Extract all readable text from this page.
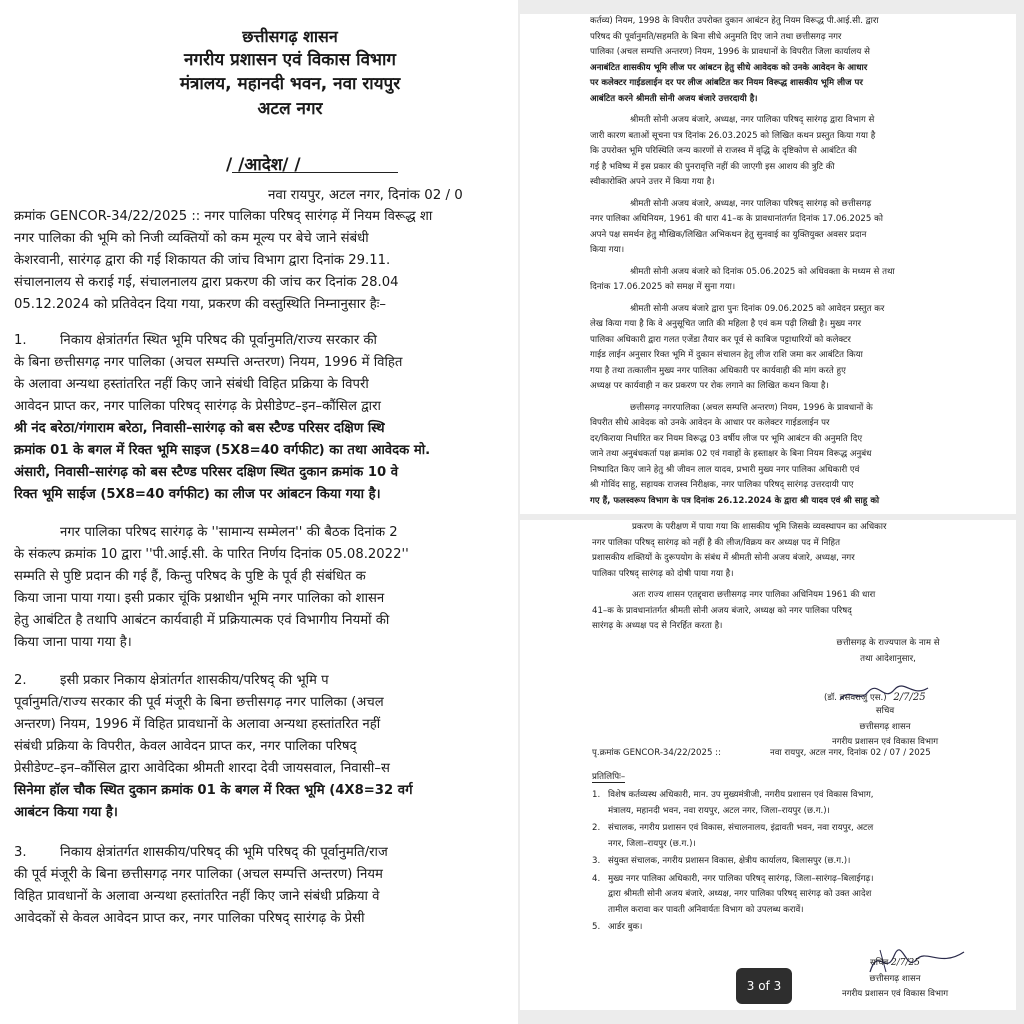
छत्तीसगढ़ शासन
नगरीय प्रशासन एवं विकास विभाग
मंत्रालय, महानदी भवन, नवा रायपुर
अटल नगर
/ /आदेश/ /
नवा रायपुर, अटल नगर, दिनांक 02 / 0
क्रमांक GENCOR-34/22/2025 :: नगर पालिका परिषद् सारंगढ़ में नियम विरूद्ध शा
नगर पालिका की भूमि को निजी व्यक्तियों को कम मूल्य पर बेचे जाने संबंधी
केशरवानी, सारंगढ़ द्वारा की गई शिकायत की जांच विभाग द्वारा दिनांक 29.11.
संचालनालय से कराई गई, संचालनालय द्वारा प्रकरण की जांच कर दिनांक 28.04
05.12.2024 को प्रतिवेदन दिया गया, प्रकरण की वस्तुस्थिति निम्नानुसार हैः–
1.	निकाय क्षेत्रांतर्गत स्थित भूमि परिषद की पूर्वानुमति/राज्य सरकार की
के बिना छत्तीसगढ़ नगर पालिका (अचल सम्पत्ति अन्तरण) नियम, 1996 में विहित
के अलावा अन्यथा हस्तांतरित नहीं किए जाने संबंधी विहित प्रक्रिया के विपरी
आवेदन प्राप्त कर, नगर पालिका परिषद् सारंगढ़ के प्रेसीडेण्ट–इन–कौंसिल द्वारा
श्री नंद बरेठा/गंगाराम बरेठा, निवासी–सारंगढ़ को बस स्टैण्ड परिसर दक्षिण स्थि
क्रमांक 01 के बगल में रिक्त भूमि साइज (5X8=40 वर्गफीट) का तथा आवेदक मो.
अंसारी, निवासी–सारंगढ़ को बस स्टैण्ड परिसर दक्षिण स्थित दुकान क्रमांक 10 वे
रिक्त भूमि साईज (5X8=40 वर्गफीट) का लीज पर आंबटन किया गया है।
नगर पालिका परिषद सारंगढ़ के ''सामान्य सम्मेलन'' की बैठक दिनांक 2
के संकल्प क्रमांक 10 द्वारा ''पी.आई.सी. के पारित निर्णय दिनांक 05.08.2022''
सम्मति से पुष्टि प्रदान की गई हैं, किन्तु परिषद के पुष्टि के पूर्व ही संबंधित क
किया जाना पाया गया। इसी प्रकार चूंकि प्रश्नाधीन भूमि नगर पालिका को शासन
हेतु आबंटित है तथापि आबंटन कार्यवाही में प्रक्रियात्मक एवं विभागीय नियमों की
किया जाना पाया गया है।
2.	इसी प्रकार निकाय क्षेत्रांतर्गत शासकीय/परिषद् की भूमि प
पूर्वानुमति/राज्य सरकार की पूर्व मंजूरी के बिना छत्तीसगढ़ नगर पालिका (अचल
अन्तरण) नियम, 1996 में विहित प्रावधानों के अलावा अन्यथा हस्तांतरित नहीं
संबंधी प्रक्रिया के विपरीत, केवल आवेदन प्राप्त कर, नगर पालिका परिषद्
प्रेसीडेण्ट–इन–कौंसिल द्वारा आवेदिका श्रीमती शारदा देवी जायसवाल, निवासी–स
सिनेमा हॉल चौक स्थित दुकान क्रमांक 01 के बगल में रिक्त भूमि (4X8=32 वर्ग
आबंटन किया गया है।
3.	निकाय क्षेत्रांतर्गत शासकीय/परिषद् की भूमि परिषद् की पूर्वानुमति/राज
की पूर्व मंजूरी के बिना छत्तीसगढ़ नगर पालिका (अचल सम्पत्ति अन्तरण) नियम
विहित प्रावधानों के अलावा अन्यथा हस्तांतरित नहीं किए जाने संबंधी प्रक्रिया वे
आवेदकों से केवल आवेदन प्राप्त कर, नगर पालिका परिषद् सारंगढ़ के प्रेसी

कर्तव्य) नियम, 1998 के विपरीत उपरोक्त दुकान आबंटन हेतु नियम विरूद्ध पी.आई.सी. द्वारा
परिषद की पूर्वानुमति/सहमति के बिना सीधे अनुमति दिए जाने तथा छत्तीसगढ़ नगर
पालिका (अचल सम्पत्ति अन्तरण) नियम, 1996 के प्रावधानों के विपरीत जिला कार्यालय से
अनाबंटित शासकीय भूमि लीज पर आंबटन हेतु सीधे आवेदक को उनके आवेदन के आधार
पर कलेक्टर गाईडलाईन दर पर लीज आंबटित कर नियम विरूद्ध शासकीय भूमि लीज पर
आबंटित करने श्रीमती सोनी अजय बंजारे उत्तरदायी है।

श्रीमती सोनी अजय बंजारे, अध्यक्ष, नगर पालिका परिषद् सारंगढ़ द्वारा विभाग से
जारी कारण बताओं सूचना पत्र दिनांक 26.03.2025 को लिखित कथन प्रस्तुत किया गया है
कि उपरोक्त भूमि परिस्थिति जन्य कारणों से राजस्व में वृद्धि के दृष्टिकोण से आबंटित की
गई है भविष्य में इस प्रकार की पुनरावृत्ति नहीं की जाएगी इस आशय की त्रुटि की
स्वीकारोक्ति अपने उत्तर में किया गया है।

श्रीमती सोनी अजय बंजारे, अध्यक्ष, नगर पालिका परिषद् सारंगढ़ को छत्तीसगढ़
नगर पालिका अधिनियम, 1961 की धारा 41–क के प्रावधानांतर्गत दिनांक 17.06.2025 को
अपने पक्ष समर्थन हेतु मौखिक/लिखित अभिकथन हेतु सुनवाई का युक्तियुक्त अवसर प्रदान
किया गया।

श्रीमती सोनी अजय बंजारे को दिनांक 05.06.2025 को अधिवक्ता के मध्यम से तथा
दिनांक 17.06.2025 को समक्ष में सुना गया।

श्रीमती सोनी अजय बंजारे द्वारा पुनः दिनांक 09.06.2025 को आवेदन प्रस्तुत कर
लेख किया गया है कि वे अनुसूचित जाति की महिला है एवं कम पढ़ी लिखी है। मुख्य नगर
पालिका अधिकारी द्वारा गलत एजेंडा तैयार कर पूर्व से काबिज पट्टाधारियों को कलेक्टर
गाईड लाईन अनुसार रिक्त भूमि में दुकान संचालन हेतु लीज राशि जमा कर आबंटित किया
गया है तथा तत्कालीन मुख्य नगर पालिका अधिकारी पर कार्यवाही की मांग करते हुए
अध्यक्ष पर कार्यवाही न कर प्रकरण पर रोक लगाने का लिखित कथन किया है।

छत्तीसगढ़ नगरपालिका (अचल सम्पत्ति अन्तरण) नियम, 1996 के प्रावधानों के
विपरीत सीधे आवेदक को उनके आवेदन के आधार पर कलेक्टर गाईडलाईन पर
दर/किराया निर्धारित कर नियम विरूद्ध 03 वर्षीय लीज पर भूमि आबंटन की अनुमति दिए
जाने तथा अनुबंधकर्ता पक्ष क्रमांक 02 एवं गवाहों के हस्ताक्षर के बिना नियम विरूद्ध अनुबंध
निष्पादित किए जाने हेतु श्री जीवन लाल यादव, प्रभारी मुख्य नगर पालिका अधिकारी एवं
श्री गोविंद साहू, सहायक राजस्व निरीक्षक, नगर पालिका परिषद् सारंगढ़ उत्तरदायी पाए
गए हैं, फलस्वरूप विभाग के पत्र दिनांक 26.12.2024 के द्वारा श्री यादव एवं श्री साहू को

प्रकरण के परीक्षण में पाया गया कि शासकीय भूमि जिसके व्यवस्थापन का अधिकार
नगर पालिका परिषद् सारंगढ़ को नहीं है की लीज/विक्रय कर अध्यक्ष पद में निहित
प्रशासकीय शक्तियों के दुरूपयोग के संबंध में श्रीमती सोनी अजय बंजारे, अध्यक्ष, नगर
पालिका परिषद् सारंगढ़ को दोषी पाया गया है।

अतः राज्य शासन एतद्द्वारा छत्तीसगढ़ नगर पालिका अधिनियम 1961 की धारा
41–क के प्रावधानांतर्गत श्रीमती सोनी अजय बंजारे, अध्यक्ष को नगर पालिका परिषद्
सारंगढ़ के अध्यक्ष पद से निरर्हित करता है।

छत्तीसगढ़ के राज्यपाल के नाम से
तथा आदेशानुसार,
(डॉ. बसवराजु एस.) 2/7/25
सचिव
छत्तीसगढ़ शासन
नगरीय प्रशासन एवं विकास विभाग
पृ.क्रमांक GENCOR-34/22/2025 ::	नवा रायपुर, अटल नगर, दिनांक 02 / 07 / 2025
प्रतिलिपिः–
1. विशेष कर्तव्यस्थ अधिकारी, मान. उप मुख्यमंत्रीजी, नगरीय प्रशासन एवं विकास विभाग,
मंत्रालय, महानदी भवन, नवा रायपुर, अटल नगर, जिला–रायपुर (छ.ग.)।
2. संचालक, नगरीय प्रशासन एवं विकास, संचालनालय, इंद्रावती भवन, नवा रायपुर, अटल
नगर, जिला–रायपुर (छ.ग.)।
3. संयुक्त संचालक, नगरीय प्रशासन विकास, क्षेत्रीय कार्यालय, बिलासपुर (छ.ग.)।
4. मुख्य नगर पालिका अधिकारी, नगर पालिका परिषद् सारंगढ़, जिला–सारंगढ़–बिलाईगढ़।
द्वारा श्रीमती सोनी अजय बंजारे, अध्यक्ष, नगर पालिका परिषद् सारंगढ़ को उक्त आदेश
तामील करावा कर पावती अनिवार्यतः विभाग को उपलब्ध करावें।
5. आर्डर बुक।
सचिव 2/7/25
छत्तीसगढ़ शासन
नगरीय प्रशासन एवं विकास विभाग
3 of 3
